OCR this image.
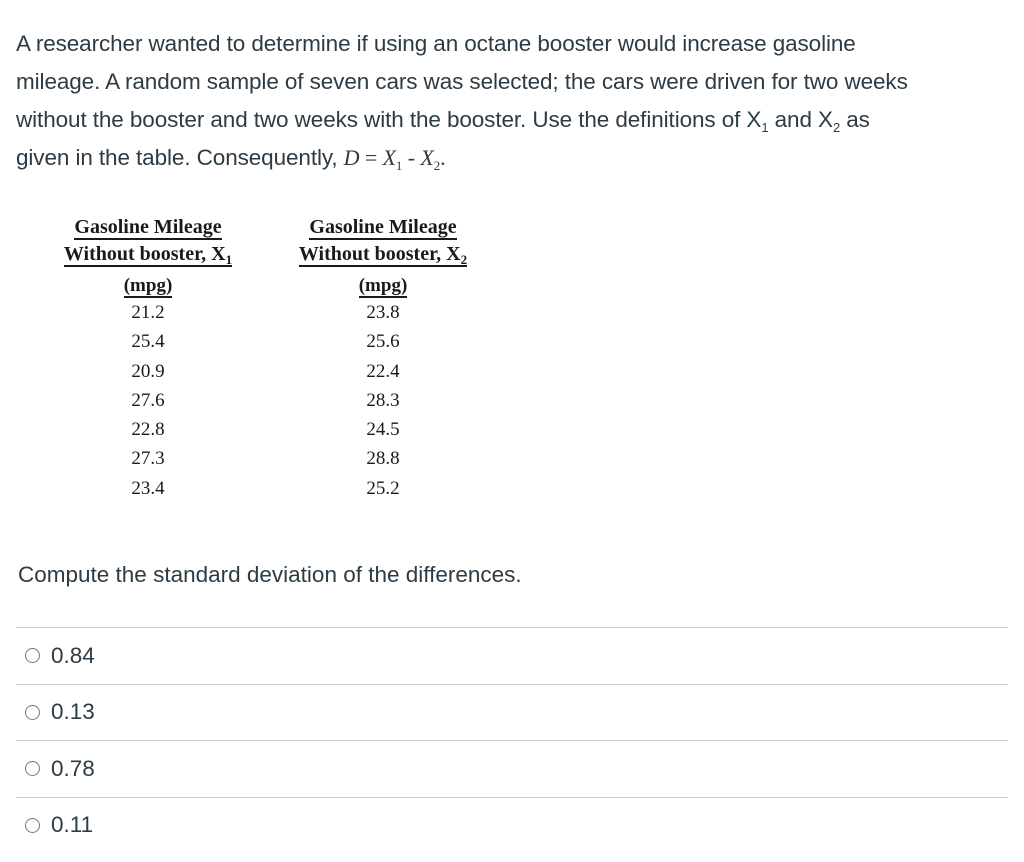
A researcher wanted to determine if using an octane booster would increase gasoline
mileage. A random sample of seven cars was selected; the cars were driven for two weeks
without the booster and two weeks with the booster. Use the definitions of $X_1$ and $X_2$ as
given in the table. Consequently, $D = X_1 - X_2$.
Gasoline Mileage
Without booster, $X_1$
(mpg)
21.2
25.4
20.9
27.6
22.8
27.3
23.4
Gasoline Mileage
Without booster, $X_2$
(mpg)
23.8
25.6
22.4
28.3
24.5
28.8
25.2
Compute the standard deviation of the differences.
0.84
0.13
0.78
0.11
